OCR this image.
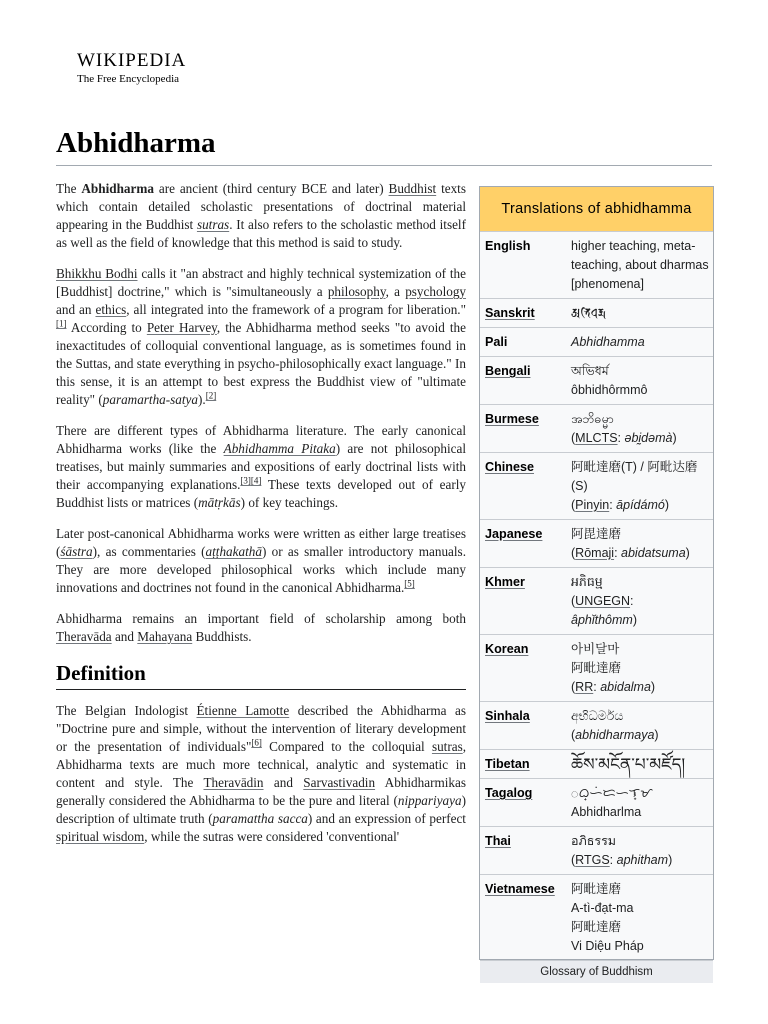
WIKIPEDIA
The Free Encyclopedia
Abhidharma

The Abhidharma are ancient (third century BCE and later) Buddhist texts which contain detailed scholastic presentations of doctrinal material appearing in the Buddhist sutras. It also refers to the scholastic method itself as well as the field of knowledge that this method is said to study.

Bhikkhu Bodhi calls it "an abstract and highly technical systemization of the [Buddhist] doctrine," which is "simultaneously a philosophy, a psychology and an ethics, all integrated into the framework of a program for liberation."[1] According to Peter Harvey, the Abhidharma method seeks "to avoid the inexactitudes of colloquial conventional language, as is sometimes found in the Suttas, and state everything in psycho-philosophically exact language." In this sense, it is an attempt to best express the Buddhist view of "ultimate reality" (paramartha-satya).[2]

There are different types of Abhidharma literature. The early canonical Abhidharma works (like the Abhidhamma Pitaka) are not philosophical treatises, but mainly summaries and expositions of early doctrinal lists with their accompanying explanations.[3][4] These texts developed out of early Buddhist lists or matrices (mātṛkās) of key teachings.

Later post-canonical Abhidharma works were written as either large treatises (śāstra), as commentaries (aṭṭhakathā) or as smaller introductory manuals. They are more developed philosophical works which include many innovations and doctrines not found in the canonical Abhidharma.[5]

Abhidharma remains an important field of scholarship among both Theravāda and Mahayana Buddhists.

Definition

The Belgian Indologist Étienne Lamotte described the Abhidharma as "Doctrine pure and simple, without the intervention of literary development or the presentation of individuals"[6] Compared to the colloquial sutras, Abhidharma texts are much more technical, analytic and systematic in content and style. The Theravādin and Sarvastivadin Abhidharmikas generally considered the Abhidharma to be the pure and literal (nippariyaya) description of ultimate truth (paramattha sacca) and an expression of perfect spiritual wisdom, while the sutras were considered 'conventional'

Translations of abhidhamma
English	higher teaching, meta-teaching, about dharmas [phenomena]
Sanskrit	𑖀𑖥𑖰𑖠𑖨𑖿𑖦
Pali	Abhidhamma
Bengali	অভিধর্ম
ôbhidhôrmmô
Burmese	အဘိဓမ္မာ
(MLCTS: əbḭdəmà)
Chinese	阿毗達磨(T) / 阿毗达磨(S)
(Pinyin: āpídámó)
Japanese	阿毘達磨
(Rōmaji: abidatsuma)
Khmer	អភិធម្ម
(UNGEGN:
âphĭthômm)
Korean	아비달마
阿毗達磨
(RR: abidalma)
Sinhala	අභිධර්මය
(abhidharmaya)
Tibetan	ཆོས་མངོན་པ་མཛོད།
Tagalog	ᜀᜊ᜔ᜑᜒᜇᜑᜎ᜔ᜋ
Abhidharlma
Thai	อภิธรรม
(RTGS: aphitham)
Vietnamese	阿毗達磨
A-tì-đạt-ma
阿毗達磨
Vi Diệu Pháp
Glossary of Buddhism
